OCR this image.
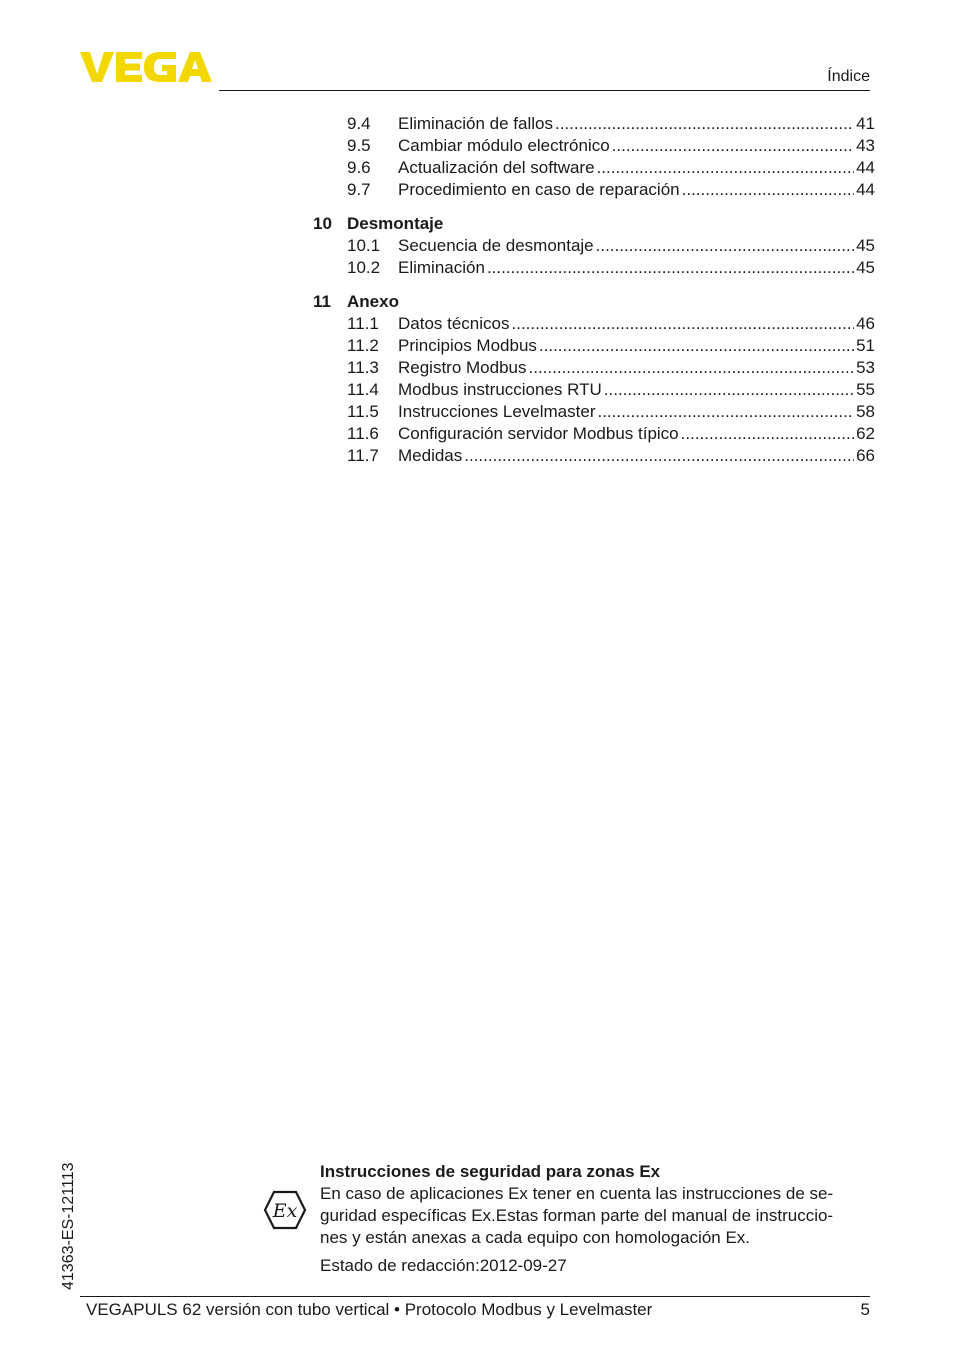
Índice
9.4	Eliminación de fallos .....	41
9.5	Cambiar módulo electrónico .....	43
9.6	Actualización del software .....	44
9.7	Procedimiento en caso de reparación .....	44
10 Desmontaje
10.1	Secuencia de desmontaje .....	45
10.2	Eliminación .....	45
11 Anexo
11.1	Datos técnicos .....	46
11.2	Principios Modbus .....	51
11.3	Registro Modbus .....	53
11.4	Modbus instrucciones RTU .....	55
11.5	Instrucciones Levelmaster .....	58
11.6	Configuración servidor Modbus típico .....	62
11.7	Medidas .....	66
41363-ES-121113	Ex
Instrucciones de seguridad para zonas Ex
En caso de aplicaciones Ex tener en cuenta las instrucciones de se-
guridad específicas Ex.Estas forman parte del manual de instruccio-
nes y están anexas a cada equipo con homologación Ex.
Estado de redacción:2012-09-27
VEGAPULS 62 versión con tubo vertical • Protocolo Modbus y Levelmaster	5
